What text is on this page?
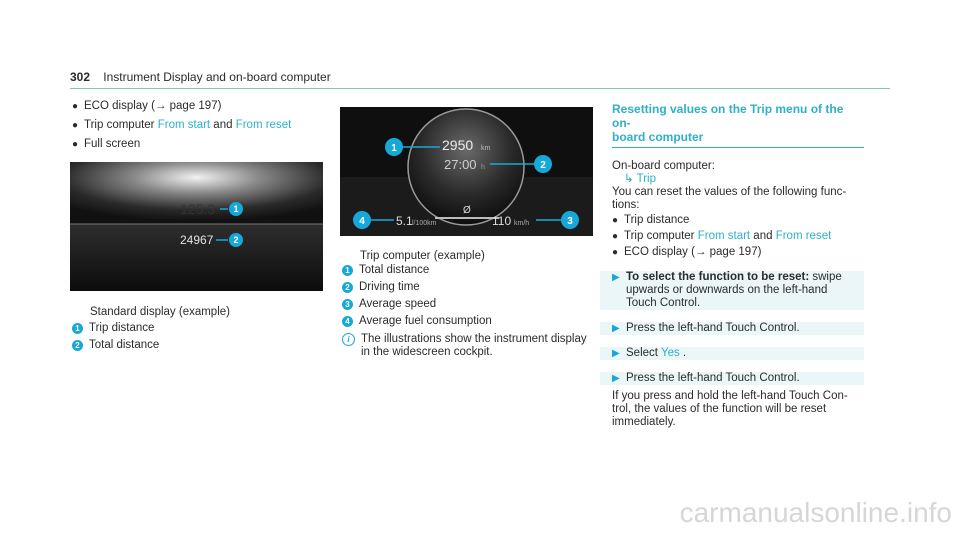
302 Instrument Display and on-board computer
● ECO display (→ page 197)
● Trip computer From start and From reset
● Full screen
125.3 1
24967 2
Standard display (example)
1 Trip distance
2 Total distance
2950 km
27:00 h
1
2
Ø
4	5.1 l/100km	110 km/h	3
Trip computer (example)
1 Total distance
2 Driving time
3 Average speed
4 Average fuel consumption
i The illustrations show the instrument display
in the widescreen cockpit.
Resetting values on the Trip menu of the on-
board computer
On-board computer:
↳ Trip
You can reset the values of the following func-
tions:
● Trip distance
● Trip computer From start and From reset
● ECO display (→ page 197)
▶ To select the function to be reset: swipe
upwards or downwards on the left-hand
Touch Control.
▶ Press the left-hand Touch Control.
▶ Select Yes .
▶ Press the left-hand Touch Control.
If you press and hold the left-hand Touch Con-
trol, the values of the function will be reset
immediately.
carmanualsonline.info
